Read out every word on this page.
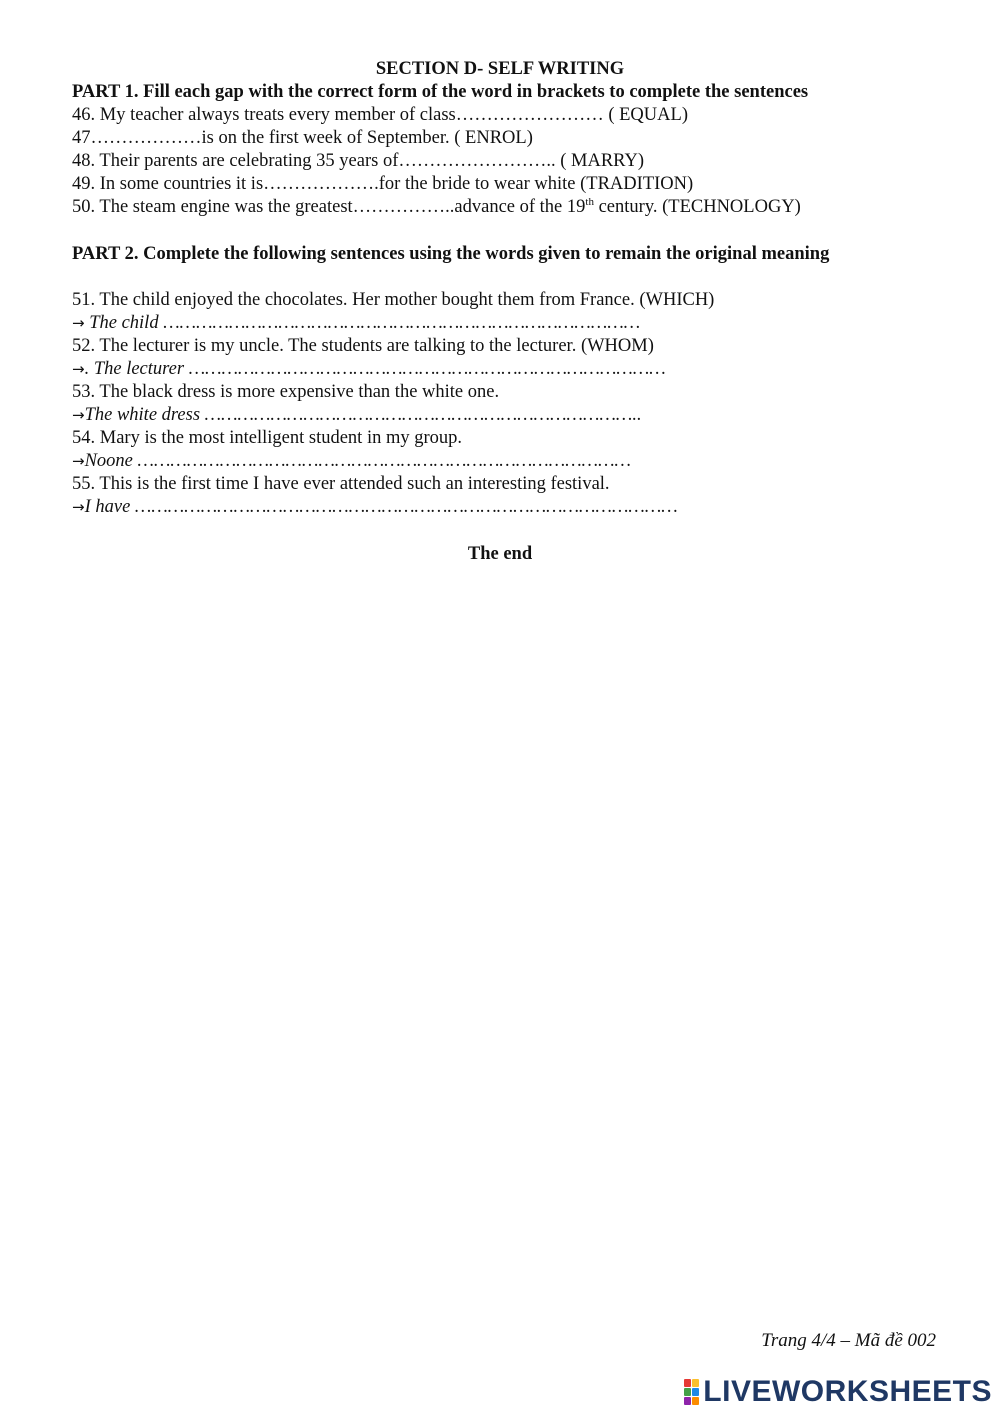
SECTION D- SELF WRITING
PART 1. Fill each gap with the correct form of the word in brackets to complete the sentences
46. My teacher always treats every member of class…………………… ( EQUAL)
47………………is on the first week of September. ( ENROL)
48. Their parents are celebrating 35 years of…………………….. ( MARRY)
49. In some countries it is……………….for the bride to wear white (TRADITION)
50. The steam engine was the greatest……………..advance of the 19th century. (TECHNOLOGY)
PART 2. Complete the following sentences using the words given to remain the original meaning
51. The child enjoyed the chocolates. Her mother bought them from France. (WHICH)
→ The child ……………………………………………………………………………
52. The lecturer is my uncle. The students are talking to the lecturer. (WHOM)
→. The lecturer ……………………………………………………………………………
53. The black dress is more expensive than the white one.
→The white dress ……………………………………………………………………..
54. Mary is the most intelligent student in my group.
→Noone ………………………………………………………………………………
55. This is the first time I have ever attended such an interesting festival.
→I have ………………………………………………………………………………………
The end
Trang 4/4 – Mã đề 002
LIVEWORKSHEETS
